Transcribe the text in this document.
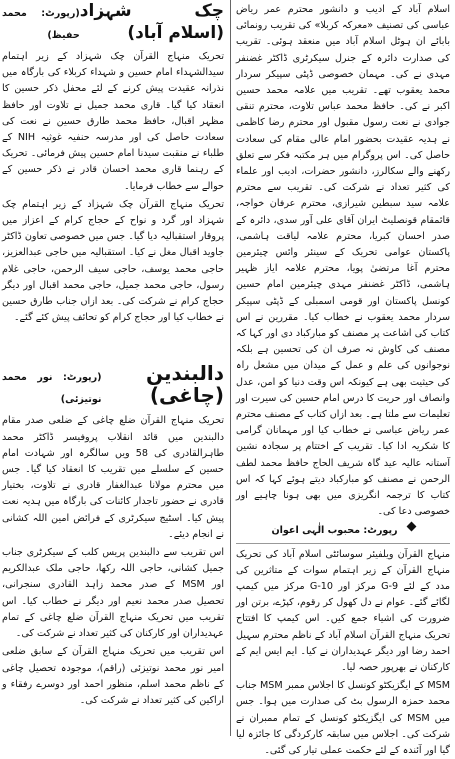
اسلام آباد کے ادیب و دانشور محترم عمر ریاض عباسی کی تصنیف «معرکہ کربلا» کی تقریب رونمائی بابائے ان ہوٹل اسلام آباد میں منعقد ہوئی۔ تقریب کی صدارت دائرہ کے جنرل سیکرٹری ڈاکٹر غضنفر مہدی نے کی۔ مہمان خصوصی ڈپٹی سپیکر سردار محمد یعقوب تھے۔ تقریب میں علامہ محمد حسین اکبر نے کی۔ حافظ محمد عباس تلاوت، محترم تنقی جوادی نے نعت رسول مقبول اور محترم رضا کاظمی نے ہدیہ عقیدت بحضور امام عالی مقام کی سعادت حاصل کی۔ اس پروگرام میں ہر مکتبہ فکر سے تعلق رکھنے والے سکالرز، دانشور حضرات، ادیب اور علماء کی کثیر تعداد نے شرکت کی۔ تقریب سے محترم علامہ سید سبطین شیرازی، محترم عرفان خواجہ، قائمقام قونصلیٹ ایران آقای علی آور سدی، دائرہ کے صدر احسان کبریا، محترم علامہ لیاقت ہاشمی، پاکستان عوامی تحریک کے سینئر وائس چیئرمین محترم آغا مرتضیٰ پویا، محترم علامہ ایاز ظہیر ہاشمی، ڈاکٹر غضنفر مہدی چیئرمین امام حسین کونسل پاکستان اور قومی اسمبلی کے ڈپٹی سپیکر سردار محمد یعقوب نے خطاب کیا۔ مقررین نے اس کتاب کی اشاعت پر مصنف کو مبارکباد دی اور کہا کہ مصنف کی کاوش نہ صرف ان کی تحسین ہے بلکہ نوجوانوں کی علم و عمل کے میدان میں مشعل راہ کی حیثیت بھی ہے کیونکہ اس وقت دنیا کو امن، عدل وانصاف اور حریت کا درس امام حسین کی سیرت اور تعلیمات سے ملتا ہے۔ بعد ازاں کتاب کے مصنف محترم عمر ریاض عباسی نے خطاب کیا اور مہمانان گرامی کا شکریہ ادا کیا۔ تقریب کے اختتام پر سجادہ نشین آستانہ عالیہ عید گاہ شریف الحاج حافظ محمد لطف الرحمن نے مصنف کو مبارکباد دیتے ہوئے کہا کہ اس کتاب کا ترجمہ انگریزی میں بھی ہونا چاہیے اور خصوصی دعا کی۔

رپورٹ: محبوب الٰہی اعوان

منہاج القرآن ویلفیئر سوسائٹی اسلام آباد کی تحریک منہاج القرآن کے زیر اہتمام سوات کے متاثرین کی مدد کے لئے G-9 مرکز اور G-10 مرکز میں کیمپ لگائے گئے۔ عوام نے دل کھول کر رقوم، کپڑے، برتن اور ضرورت کی اشیاء جمع کیں۔ اس کیمپ کا افتتاح تحریک منہاج القرآن اسلام آباد کے ناظم محترم سہیل احمد رضا اور دیگر عہدیداران نے کیا۔ ایم ایس ایم کے کارکنان نے بھرپور حصہ لیا۔

MSM کے ایگزیکٹو کونسل کا اجلاس ممبر MSM جناب محمد حمزہ الرسول بٹ کی صدارت میں ہوا۔ جس میں MSM کی ایگزیکٹو کونسل کے تمام ممبران نے شرکت کی۔ اجلاس میں سابقہ کارکردگی کا جائزہ لیا گیا اور آئندہ کے لئے حکمت عملی تیار کی گئی۔

چک شہزاد (اسلام آباد)
(رپورٹ: محمد حفیظ)

تحریک منہاج القرآن چک شہزاد کے زیر اہتمام سیدالشہداء امام حسین و شہداء کربلاء کی بارگاہ میں نذرانہ عقیدت پیش کرنے کے لئے محفل ذکر حسین کا انعقاد کیا گیا۔ قاری محمد جمیل نے تلاوت اور حافظ مظہر اقبال، حافظ محمد طارق حسین نے نعت کی سعادت حاصل کی اور مدرسہ حنفیہ غوثیہ NIH کے طلباء نے منقبت سیدنا امام حسین پیش فرمائی۔ تحریک کے رہنما قاری محمد احسان قادر نے ذکر حسین کے حوالے سے خطاب فرمایا۔

تحریک منہاج القرآن چک شہزاد کے زیر اہتمام چک شہزاد اور گرد و نواح کے حجاج کرام کے اعزاز میں پروقار استقبالیہ دیا گیا۔ جس میں خصوصی تعاون ڈاکٹر جاوید اقبال مغل نے کیا۔ استقبالیہ میں حاجی عبدالعزیز، حاجی محمد یوسف، حاجی سیف الرحمن، حاجی غلام رسول، حاجی محمد جمیل، حاجی محمد اقبال اور دیگر حجاج کرام نے شرکت کی۔ بعد ازاں جناب طارق حسین نے خطاب کیا اور حجاج کرام کو تحائف پیش کئے گئے۔

دالبندین (چاغی)
(رپورٹ: نور محمد نوتیزئی)

تحریک منہاج القرآن ضلع چاغی کے ضلعی صدر مقام دالبندین میں قائد انقلاب پروفیسر ڈاکٹر محمد طاہرالقادری کی 58 ویں سالگرہ اور شہادت امام حسین کے سلسلے میں تقریب کا انعقاد کیا گیا۔ جس میں محترم مولانا عبدالغفار قادری نے تلاوت، بختیار قادری نے حضور تاجدار کائنات کی بارگاہ میں ہدیہ نعت پیش کیا۔ اسٹیج سیکرٹری کے فرائض امین اللہ کشانی نے انجام دیئے۔

اس تقریب سے دالبندین پریس کلب کے سیکرٹری جناب جمیل کشانی، حاجی اللہ رکھا، حاجی ملک عبدالکریم اور MSM کے صدر محمد زاہد القادری سنجرانی، تحصیل صدر محمد نعیم اور دیگر نے خطاب کیا۔ اس تقریب میں تحریک منہاج القرآن ضلع چاغی کے تمام عہدیداران اور کارکنان کی کثیر تعداد نے شرکت کی۔

اس تقریب میں تحریک منہاج القرآن کے سابق ضلعی امیر نور محمد نوتیزئی (راقم)، موجودہ تحصیل چاغی کے ناظم محمد اسلم، منظور احمد اور دوسرے رفقاء و اراکین کی کثیر تعداد نے شرکت کی۔
